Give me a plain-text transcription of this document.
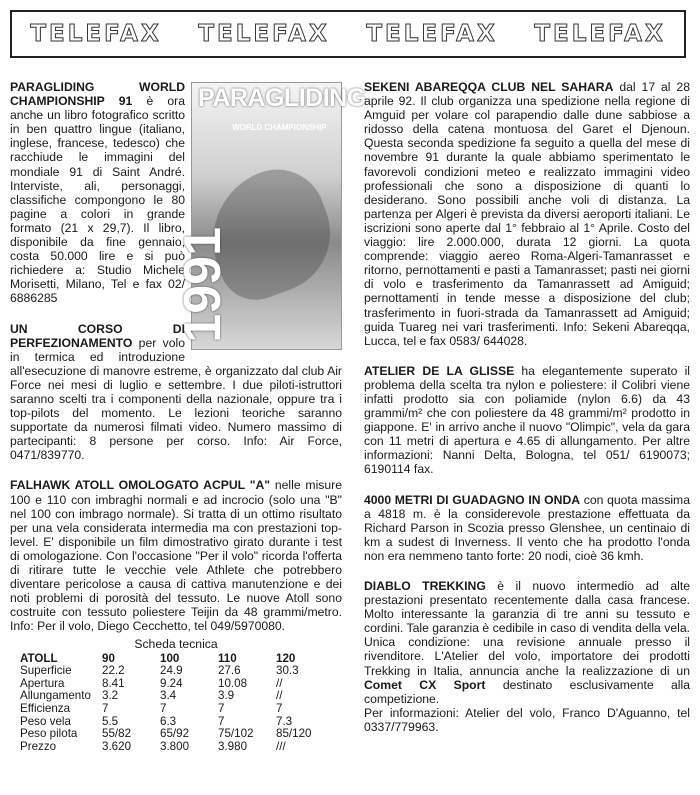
TELEFAX TELEFAX TELEFAX TELEFAX

PARAGLIDING
WORLD CHAMPIONSHIP
1991
PARAGLIDING WORLD CHAMPIONSHIP 91 è ora anche un libro fotografico scritto in ben quattro lingue (italiano, inglese, francese, tedesco) che racchiude le immagini del mondiale 91 di Saint André. Interviste, ali, personaggi, classifiche compongono le 80 pagine a colori in grande formato (21 x 29,7). Il libro, disponibile da fine gennaio, costa 50.000 lire e si può richiedere a: Studio Michele Morisetti, Milano, Tel e fax 02/ 6886285

UN CORSO DI PERFEZIONAMENTO per volo in termica ed introduzione all'esecuzione di manovre estreme, è organizzato dal club Air Force nei mesi di luglio e settembre. I due piloti-istruttori saranno scelti tra i componenti della nazionale, oppure tra i top-pilots del momento. Le lezioni teoriche saranno supportate da numerosi filmati video. Numero massimo di partecipanti: 8 persone per corso. Info: Air Force, 0471/839770.

FALHAWK ATOLL OMOLOGATO ACPUL "A" nelle misure 100 e 110 con imbraghi normali e ad incrocio (solo una "B" nel 100 con imbrago normale). Si tratta di un ottimo risultato per una vela considerata intermedia ma con prestazioni top-level. E' disponibile un film dimostrativo girato durante i test di omologazione. Con l'occasione "Per il volo" ricorda l'offerta di ritirare tutte le vecchie vele Athlete che potrebbero diventare pericolose a causa di cattiva manutenzione e dei noti problemi di porosità del tessuto. Le nuove Atoll sono costruite con tessuto poliestere Teijin da 48 grammi/metro. Info: Per il volo, Diego Cecchetto, tel 049/5970080.

Scheda tecnica
ATOLL	90	100	110	120
Superficie	22.2	24.9	27.6	30.3
Apertura	8.41	9.24	10.08	//
Allungamento	3.2	3.4	3.9	//
Efficienza	7	7	7	7
Peso vela	5.5	6.3	7	7.3
Peso pilota	55/82	65/92	75/102	85/120
Prezzo	3.620	3.800	3.980	///

SEKENI ABAREQQA CLUB NEL SAHARA dal 17 al 28 aprile 92. Il club organizza una spedizione nella regione di Amguid per volare col parapendio dalle dune sabbiose a ridosso della catena montuosa del Garet el Djenoun. Questa seconda spedizione fa seguito a quella del mese di novembre 91 durante la quale abbiamo sperimentato le favorevoli condizioni meteo e realizzato immagini video professionali che sono a disposizione di quanti lo desiderano. Sono possibili anche voli di distanza. La partenza per Algeri è prevista da diversi aeroporti italiani. Le iscrizioni sono aperte dal 1° febbraio al 1° Aprile. Costo del viaggio: lire 2.000.000, durata 12 giorni. La quota comprende: viaggio aereo Roma-Algeri-Tamanrasset e ritorno, pernottamenti e pasti a Tamanrasset; pasti nei giorni di volo e trasferimento da Tamanrassett ad Amiguid; pernottamenti in tende messe a disposizione del club; trasferimento in fuori-strada da Tamanrassett ad Amiguid; guida Tuareg nei vari trasferimenti. Info: Sekeni Abareqqa, Lucca, tel e fax 0583/ 644028.

ATELIER DE LA GLISSE ha elegantemente superato il problema della scelta tra nylon e poliestere: il Colibri viene infatti prodotto sia con poliamide (nylon 6.6) da 43 grammi/m² che con poliestere da 48 grammi/m² prodotto in giappone. E' in arrivo anche il nuovo "Olimpic", vela da gara con 11 metri di apertura e 4.65 di allungamento. Per altre informazioni: Nanni Delta, Bologna, tel 051/ 6190073; 6190114 fax.

4000 METRI DI GUADAGNO IN ONDA con quota massima a 4818 m. è la considerevole prestazione effettuata da Richard Parson in Scozia presso Glenshee, un centinaio di km a sudest di Inverness. Il vento che ha prodotto l'onda non era nemmeno tanto forte: 20 nodi, cioè 36 kmh.

DIABLO TREKKING è il nuovo intermedio ad alte prestazioni presentato recentemente dalla casa francese. Molto interessante la garanzia di tre anni su tessuto e cordini. Tale garanzia è cedibile in caso di vendita della vela. Unica condizione: una revisione annuale presso il rivenditore. L'Atelier del volo, importatore dei prodotti Trekking in Italia, annuncia anche la realizzazione di un Comet CX Sport destinato esclusivamente alla competizione.
Per informazioni: Atelier del volo, Franco D'Aguanno, tel 0337/779963.
